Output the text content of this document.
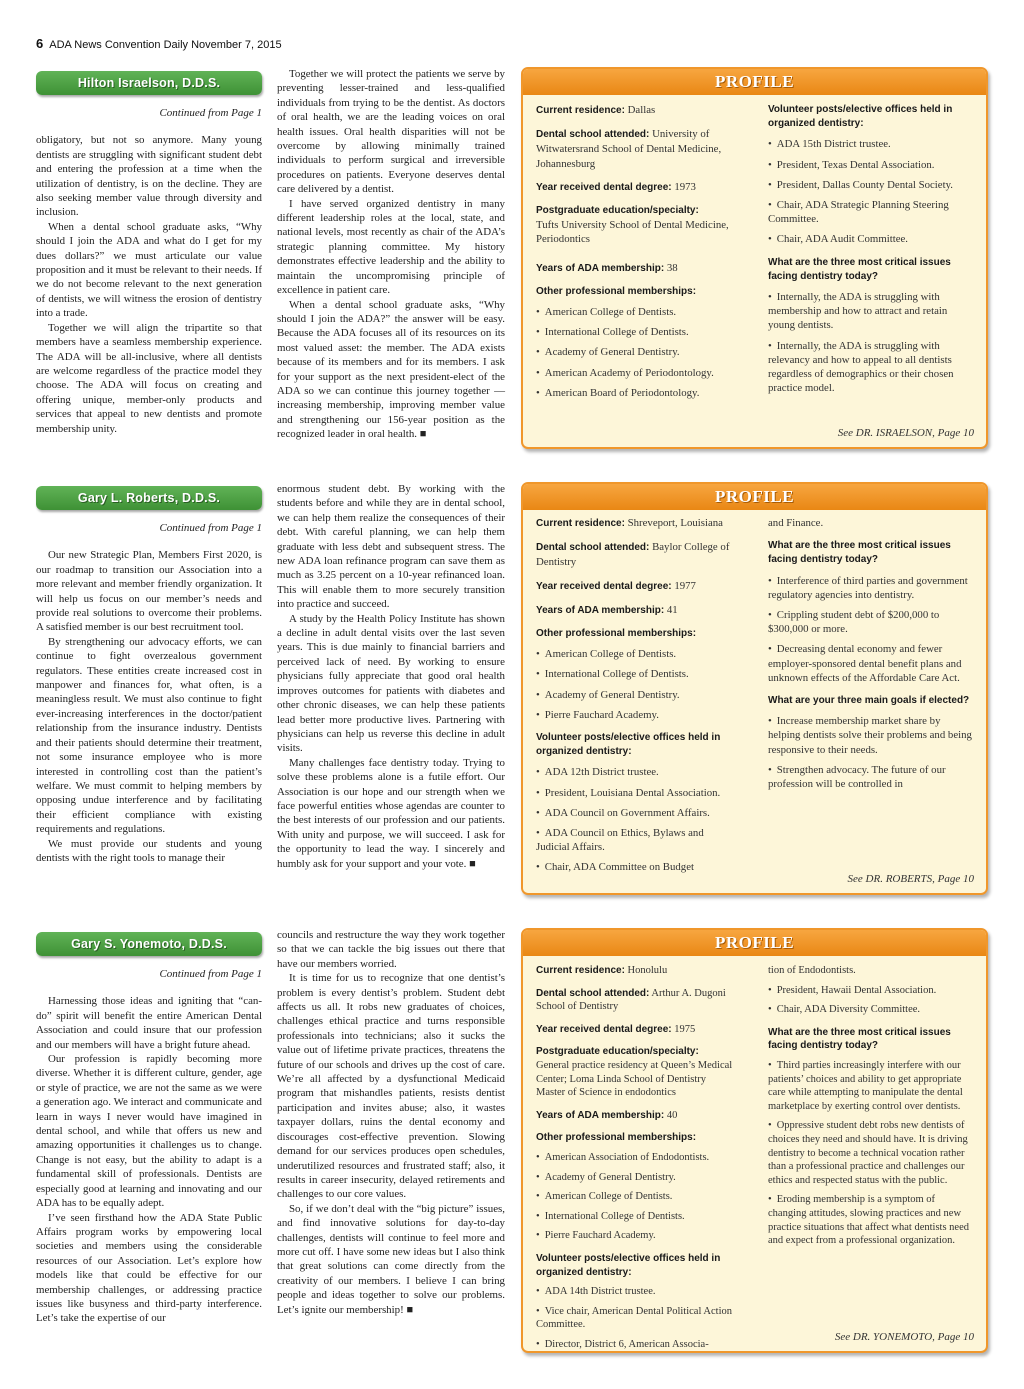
6 ADA News Convention Daily November 7, 2015
Hilton Israelson, D.D.S.
Continued from Page 1

obligatory, but not so anymore. Many young dentists are struggling with significant student debt and entering the profession at a time when the utilization of dentistry, is on the decline. They are also seeking member value through diversity and inclusion.

When a dental school graduate asks, “Why should I join the ADA and what do I get for my dues dollars?” we must articulate our value proposition and it must be relevant to their needs. If we do not become relevant to the next generation of dentists, we will witness the erosion of dentistry into a trade.

Together we will align the tripartite so that members have a seamless membership experience. The ADA will be all-inclusive, where all dentists are welcome regardless of the practice model they choose. The ADA will focus on creating and offering unique, member-only products and services that appeal to new dentists and promote membership unity.

Together we will protect the patients we serve by preventing lesser-trained and less-qualified individuals from trying to be the dentist. As doctors of oral health, we are the leading voices on oral health issues. Oral health disparities will not be overcome by allowing minimally trained individuals to perform surgical and irreversible procedures on patients. Everyone deserves dental care delivered by a dentist.

I have served organized dentistry in many different leadership roles at the local, state, and national levels, most recently as chair of the ADA’s strategic planning committee. My history demonstrates effective leadership and the ability to maintain the uncompromising principle of excellence in patient care.

When a dental school graduate asks, “Why should I join the ADA?” the answer will be easy. Because the ADA focuses all of its resources on its most valued asset: the member. The ADA exists because of its members and for its members. I ask for your support as the next president-elect of the ADA so we can continue this journey together — increasing membership, improving member value and strengthening our 156-year position as the recognized leader in oral health. ■

PROFILE
Current residence: Dallas
Dental school attended: University of Witwatersrand School of Dental Medicine, Johannesburg
Year received dental degree: 1973
Postgraduate education/specialty:
Tufts University School of Dental Medicine, Periodontics
Years of ADA membership: 38
Other professional memberships:
• American College of Dentists.
• International College of Dentists.
• Academy of General Dentistry.
• American Academy of Periodontology.
• American Board of Periodontology.
Volunteer posts/elective offices held in organized dentistry:
• ADA 15th District trustee.
• President, Texas Dental Association.
• President, Dallas County Dental Society.
• Chair, ADA Strategic Planning Steering Committee.
• Chair, ADA Audit Committee.
What are the three most critical issues facing dentistry today?
• Internally, the ADA is struggling with membership and how to attract and retain young dentists.
• Internally, the ADA is struggling with relevancy and how to appeal to all dentists regardless of demographics or their chosen practice model.
See DR. ISRAELSON, Page 10
Gary L. Roberts, D.D.S.
Continued from Page 1

Our new Strategic Plan, Members First 2020, is our roadmap to transition our Association into a more relevant and member friendly organization. It will help us focus on our member’s needs and provide real solutions to overcome their problems. A satisfied member is our best recruitment tool.

By strengthening our advocacy efforts, we can continue to fight overzealous government regulators. These entities create increased cost in manpower and finances for, what often, is a meaningless result. We must also continue to fight ever-increasing interferences in the doctor/patient relationship from the insurance industry. Dentists and their patients should determine their treatment, not some insurance employee who is more interested in controlling cost than the patient’s welfare. We must commit to helping members by opposing undue interference and by facilitating their efficient compliance with existing requirements and regulations.

We must provide our students and young dentists with the right tools to manage their

enormous student debt. By working with the students before and while they are in dental school, we can help them realize the consequences of their debt. With careful planning, we can help them graduate with less debt and subsequent stress. The new ADA loan refinance program can save them as much as 3.25 percent on a 10-year refinanced loan. This will enable them to more securely transition into practice and succeed.

A study by the Health Policy Institute has shown a decline in adult dental visits over the last seven years. This is due mainly to financial barriers and perceived lack of need. By working to ensure physicians fully appreciate that good oral health improves outcomes for patients with diabetes and other chronic diseases, we can help these patients lead better more productive lives. Partnering with physicians can help us reverse this decline in adult visits.

Many challenges face dentistry today. Trying to solve these problems alone is a futile effort. Our Association is our hope and our strength when we face powerful entities whose agendas are counter to the best interests of our profession and our patients. With unity and purpose, we will succeed. I ask for the opportunity to lead the way. I sincerely and humbly ask for your support and your vote. ■

PROFILE
Current residence: Shreveport, Louisiana
Dental school attended: Baylor College of Dentistry
Year received dental degree: 1977
Years of ADA membership: 41
Other professional memberships:
• American College of Dentists.
• International College of Dentists.
• Academy of General Dentistry.
• Pierre Fauchard Academy.
Volunteer posts/elective offices held in organized dentistry:
• ADA 12th District trustee.
• President, Louisiana Dental Association.
• ADA Council on Government Affairs.
• ADA Council on Ethics, Bylaws and Judicial Affairs.
• Chair, ADA Committee on Budget
and Finance.
What are the three most critical issues facing dentistry today?
• Interference of third parties and government regulatory agencies into dentistry.
• Crippling student debt of $200,000 to $300,000 or more.
• Decreasing dental economy and fewer employer-sponsored dental benefit plans and unknown effects of the Affordable Care Act.
What are your three main goals if elected?
• Increase membership market share by helping dentists solve their problems and being responsive to their needs.
• Strengthen advocacy. The future of our profession will be controlled in
See DR. ROBERTS, Page 10
Gary S. Yonemoto, D.D.S.
Continued from Page 1

Harnessing those ideas and igniting that “can-do” spirit will benefit the entire American Dental Association and could insure that our profession and our members will have a bright future ahead.

Our profession is rapidly becoming more diverse. Whether it is different culture, gender, age or style of practice, we are not the same as we were a generation ago. We interact and communicate and learn in ways I never would have imagined in dental school, and while that offers us new and amazing opportunities it challenges us to change. Change is not easy, but the ability to adapt is a fundamental skill of professionals. Dentists are especially good at learning and innovating and our ADA has to be equally adept.

I’ve seen firsthand how the ADA State Public Affairs program works by empowering local societies and members using the considerable resources of our Association. Let’s explore how models like that could be effective for our membership challenges, or addressing practice issues like busyness and third-party interference. Let’s take the expertise of our

councils and restructure the way they work together so that we can tackle the big issues out there that have our members worried.

It is time for us to recognize that one dentist’s problem is every dentist’s problem. Student debt affects us all. It robs new graduates of choices, challenges ethical practice and turns responsible professionals into technicians; also it sucks the value out of lifetime private practices, threatens the future of our schools and drives up the cost of care. We’re all affected by a dysfunctional Medicaid program that mishandles patients, resists dentist participation and invites abuse; also, it wastes taxpayer dollars, ruins the dental economy and discourages cost-effective prevention. Slowing demand for our services produces open schedules, underutilized resources and frustrated staff; also, it results in career insecurity, delayed retirements and challenges to our core values.

So, if we don’t deal with the “big picture” issues, and find innovative solutions for day-to-day challenges, dentists will continue to feel more and more cut off. I have some new ideas but I also think that great solutions can come directly from the creativity of our members. I believe I can bring people and ideas together to solve our problems. Let’s ignite our membership! ■

PROFILE
Current residence: Honolulu
Dental school attended: Arthur A. Dugoni School of Dentistry
Year received dental degree: 1975
Postgraduate education/specialty:
General practice residency at Queen’s Medical Center; Loma Linda School of Dentistry Master of Science in endodontics
Years of ADA membership: 40
Other professional memberships:
• American Association of Endodontists.
• Academy of General Dentistry.
• American College of Dentists.
• International College of Dentists.
• Pierre Fauchard Academy.
Volunteer posts/elective offices held in organized dentistry:
• ADA 14th District trustee.
• Vice chair, American Dental Political Action Committee.
• Director, District 6, American Associa-
tion of Endodontists.
• President, Hawaii Dental Association.
• Chair, ADA Diversity Committee.
What are the three most critical issues facing dentistry today?
• Third parties increasingly interfere with our patients’ choices and ability to get appropriate care while attempting to manipulate the dental marketplace by exerting control over dentists.
• Oppressive student debt robs new dentists of choices they need and should have. It is driving dentistry to become a technical vocation rather than a professional practice and challenges our ethics and respected status with the public.
• Eroding membership is a symptom of changing attitudes, slowing practices and new practice situations that affect what dentists need and expect from a professional organization.
See DR. YONEMOTO, Page 10
